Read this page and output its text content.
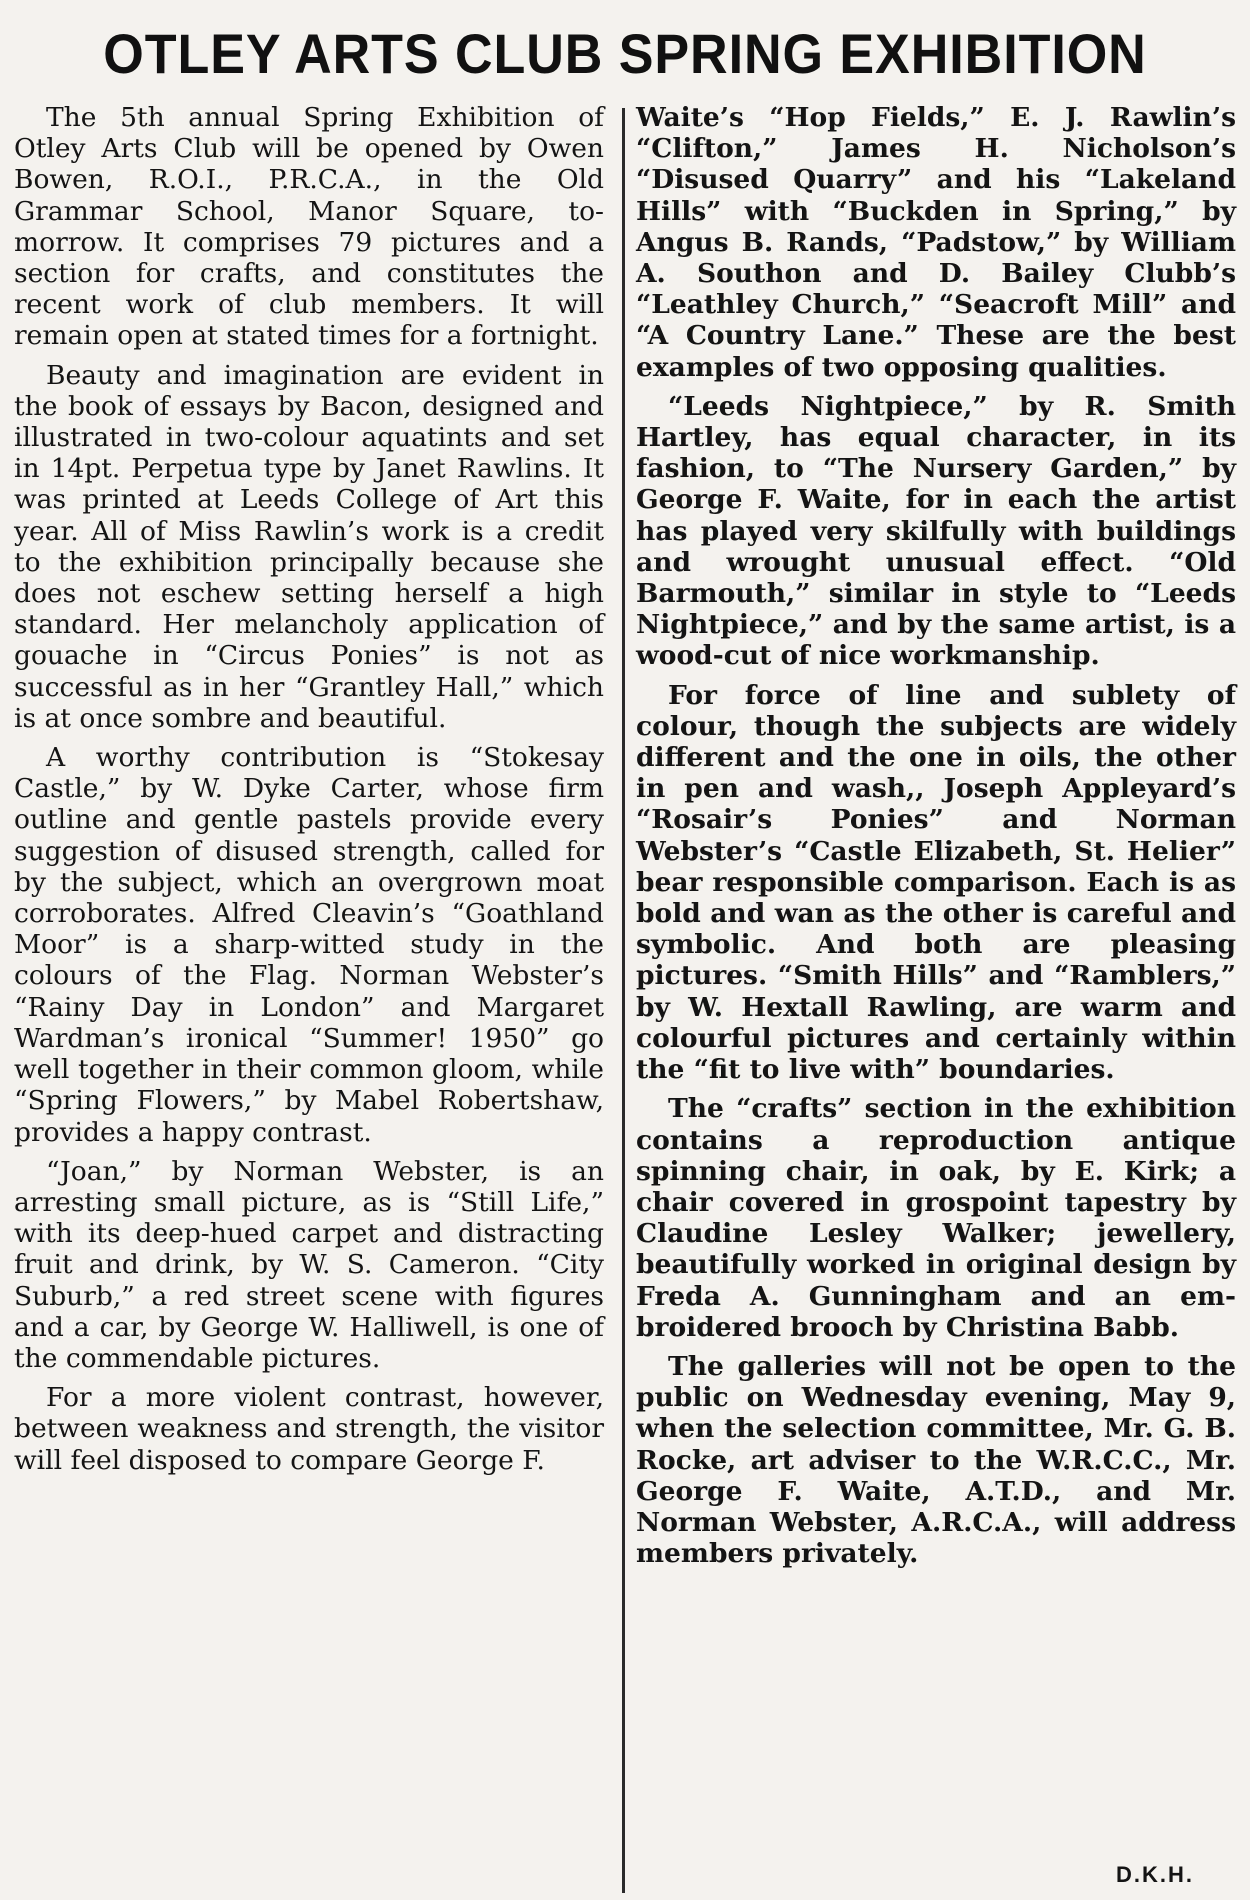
OTLEY ARTS CLUB SPRING EXHIBITION

The 5th annual Spring Exhibition of Otley Arts Club will be opened by Owen Bowen, R.O.I., P.R.C.A., in the Old Grammar School, Manor Square, to-morrow. It comprises 79 pictures and a section for crafts, and constitutes the recent work of club members. It will remain open at stated times for a fortnight.

Beauty and imagination are evident in the book of essays by Bacon, designed and illustrated in two-colour aquatints and set in 14pt. Perpetua type by Janet Rawlins. It was printed at Leeds College of Art this year. All of Miss Rawlin’s work is a credit to the exhibition principally because she does not eschew setting herself a high standard. Her melancholy application of gouache in “Circus Ponies” is not as successful as in her “Grantley Hall,” which is at once sombre and beautiful.

A worthy contribution is “Stokesay Castle,” by W. Dyke Carter, whose firm outline and gentle pastels provide every suggestion of disused strength, called for by the subject, which an overgrown moat corroborates. Alfred Cleavin’s “Goathland Moor” is a sharp-witted study in the colours of the Flag. Norman Webster’s “Rainy Day in London” and Margaret Wardman’s ironical “Summer! 1950” go well together in their common gloom, while “Spring Flowers,” by Mabel Robertshaw, provides a happy contrast.

“Joan,” by Norman Webster, is an arresting small picture, as is “Still Life,” with its deep-hued carpet and distracting fruit and drink, by W. S. Cameron. “City Suburb,” a red street scene with figures and a car, by George W. Halliwell, is one of the commendable pictures.

For a more violent contrast, however, between weakness and strength, the visitor will feel disposed to compare George F.

Waite’s “Hop Fields,” E. J. Rawlin’s “Clifton,” James H. Nicholson’s “Disused Quarry” and his “Lakeland Hills” with “Buckden in Spring,” by Angus B. Rands, “Padstow,” by William A. Southon and D. Bailey Clubb’s “Leathley Church,” “Seacroft Mill” and “A Country Lane.” These are the best examples of two opposing qualities.

“Leeds Nightpiece,” by R. Smith Hartley, has equal character, in its fashion, to “The Nursery Garden,” by George F. Waite, for in each the artist has played very skilfully with buildings and wrought unusual effect. “Old Barmouth,” similar in style to “Leeds Nightpiece,” and by the same artist, is a wood-cut of nice workmanship.

For force of line and sublety of colour, though the subjects are widely different and the one in oils, the other in pen and wash,, Joseph Appleyard’s “Rosair’s Ponies” and Norman Webster’s “Castle Elizabeth, St. Helier” bear responsible comparison. Each is as bold and wan as the other is careful and symbolic. And both are pleasing pictures. “Smith Hills” and “Ramblers,” by W. Hextall Rawling, are warm and colourful pictures and certainly within the “fit to live with” boundaries.

The “crafts” section in the exhibition contains a reproduction antique spinning chair, in oak, by E. Kirk; a chair covered in grospoint tapestry by Claudine Lesley Walker; jewellery, beautifully worked in original design by Freda A. Gunningham and an embroidered brooch by Christina Babb.

The galleries will not be open to the public on Wednesday evening, May 9, when the selection committee, Mr. G. B. Rocke, art adviser to the W.R.C.C., Mr. George F. Waite, A.T.D., and Mr. Norman Webster, A.R.C.A., will address members privately.

D.K.H.
